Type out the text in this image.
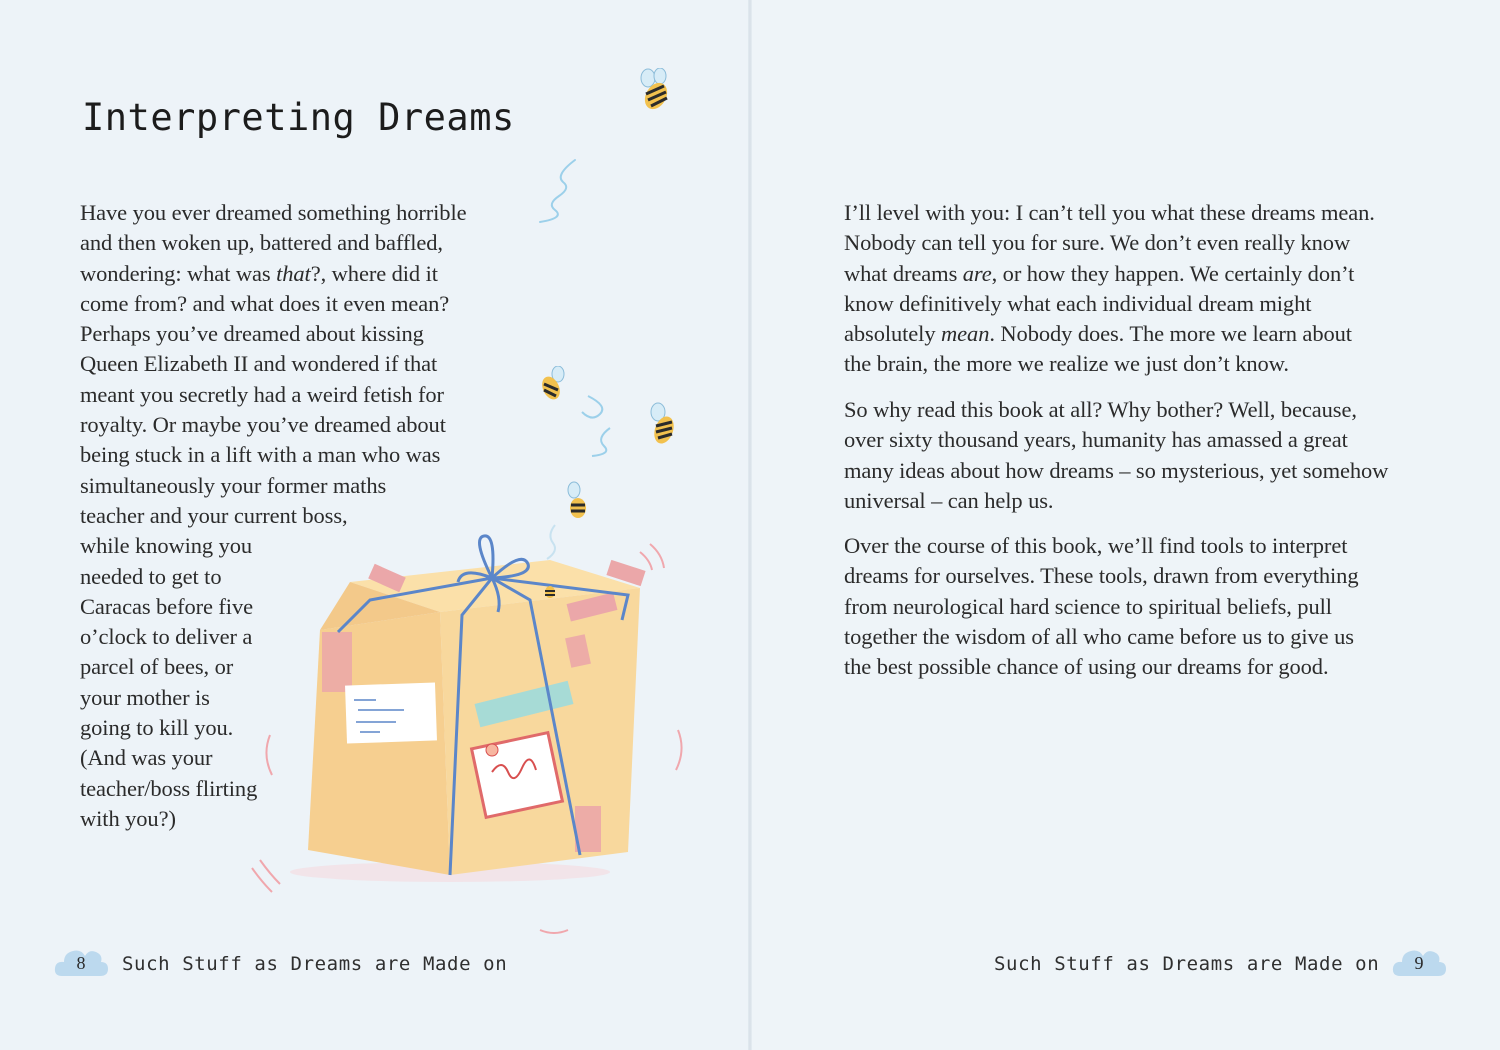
Interpreting Dreams
Have you ever dreamed something horrible
and then woken up, battered and baffled,
wondering: what was that?, where did it
come from? and what does it even mean?
Perhaps you’ve dreamed about kissing
Queen Elizabeth II and wondered if that
meant you secretly had a weird fetish for
royalty. Or maybe you’ve dreamed about
being stuck in a lift with a man who was
simultaneously your former maths
teacher and your current boss,
while knowing you
needed to get to
Caracas before five
o’clock to deliver a
parcel of bees, or
your mother is
going to kill you.
(And was your
teacher/boss flirting
with you?)
I’ll level with you: I can’t tell you what these dreams mean.
Nobody can tell you for sure. We don’t even really know
what dreams are, or how they happen. We certainly don’t
know definitively what each individual dream might
absolutely mean. Nobody does. The more we learn about
the brain, the more we realize we just don’t know.
So why read this book at all? Why bother? Well, because,
over sixty thousand years, humanity has amassed a great
many ideas about how dreams – so mysterious, yet somehow
universal – can help us.
Over the course of this book, we’ll find tools to interpret
dreams for ourselves. These tools, drawn from everything
from neurological hard science to spiritual beliefs, pull
together the wisdom of all who came before us to give us
the best possible chance of using our dreams for good.
8	Such Stuff as Dreams are Made on	Such Stuff as Dreams are Made on	9
